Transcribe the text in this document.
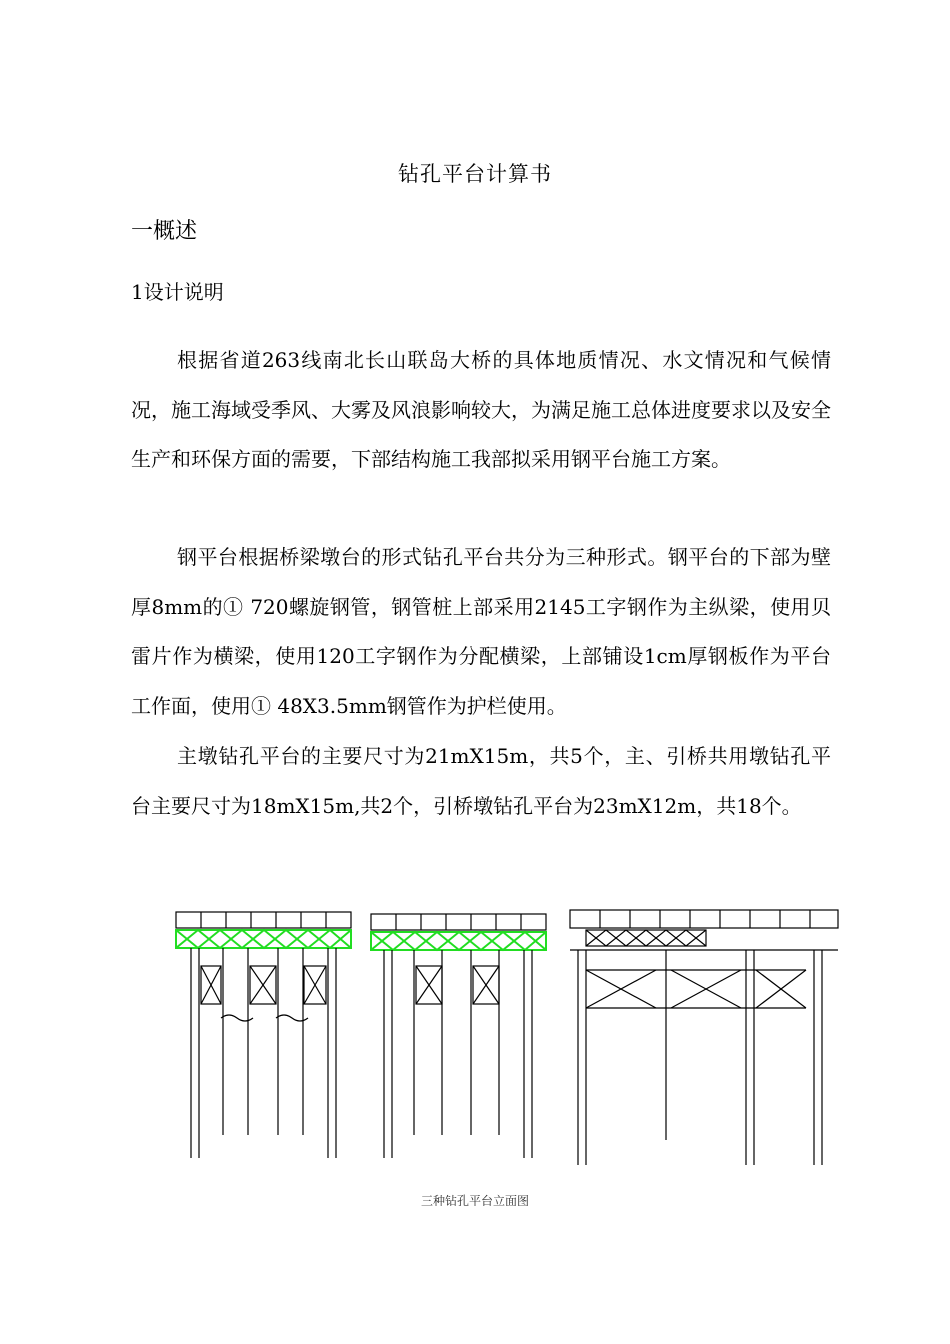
钻孔平台计算书
一概述
1设计说明

根据省道263线南北长山联岛大桥的具体地质情况、水文情况和气候情况，施工海域受季风、大雾及风浪影响较大，为满足施工总体进度要求以及安全生产和环保方面的需要，下部结构施工我部拟采用钢平台施工方案。

钢平台根据桥梁墩台的形式钻孔平台共分为三种形式。钢平台的下部为壁厚8mm的① 720螺旋钢管，钢管桩上部采用2145工字钢作为主纵梁，使用贝雷片作为横梁，使用120工字钢作为分配横梁，上部铺设1cm厚钢板作为平台工作面，使用① 48X3.5mm钢管作为护栏使用。

主墩钻孔平台的主要尺寸为21mX15m，共5个，主、引桥共用墩钻孔平台主要尺寸为18mX15m,共2个，引桥墩钻孔平台为23mX12m，共18个。

三种钻孔平台立面图
